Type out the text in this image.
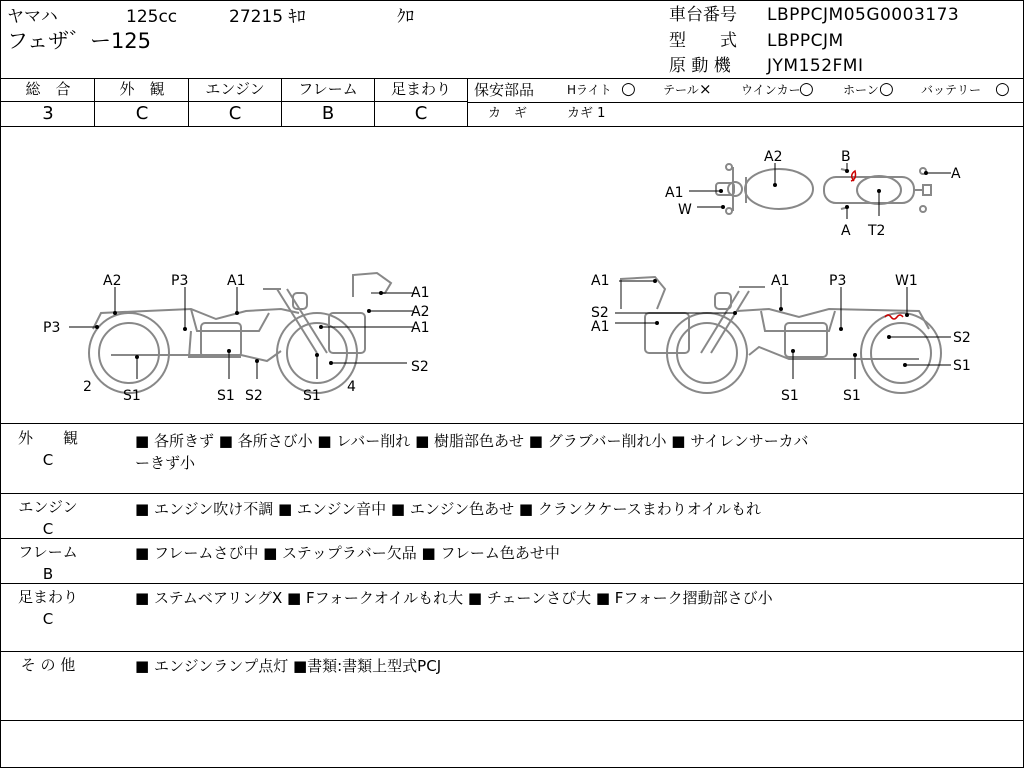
ヤマハ	125cc	27215 ｷﾛ	ｸﾛ
フェザ゛ー125
車台番号 LBPPCJM05G0003173
型　　式 LBPPCJM
原 動 機 JYM152FMI
総　合	外　観	エンジン	フレーム	足まわり
3	C	C	B	C
保安部品	Hライト ○ テール × ウインカー
○ ホーン ○ バッテリー ○
カ　ギ	カギ 1
A2	B
A
A1
W
A T2
A2	P3	A1
A1
A2
A1
P3
S2
2
S1	S1 S2	S1
4
A1	A1	P3	W1
S2
A1
S2
S1
S1	S1
外　　観
C
■ 各所きず ■ 各所さび小 ■ レバー削れ ■ 樹脂部色あせ ■ グラブバー削れ小 ■ サイレンサーカバ
ーきず小
エンジン
C
■ エンジン吹け不調 ■ エンジン音中 ■ エンジン色あせ ■ クランクケースまわりオイルもれ
フレーム
B
■ フレームさび中 ■ ステップラバー欠品 ■ フレーム色あせ中
足まわり
C
■ ステムベアリングX ■ Fフォークオイルもれ大 ■ チェーンさび大 ■ Fフォーク摺動部さび小
そ の 他	■ エンジンランプ点灯 ■書類:書類上型式PCJ
